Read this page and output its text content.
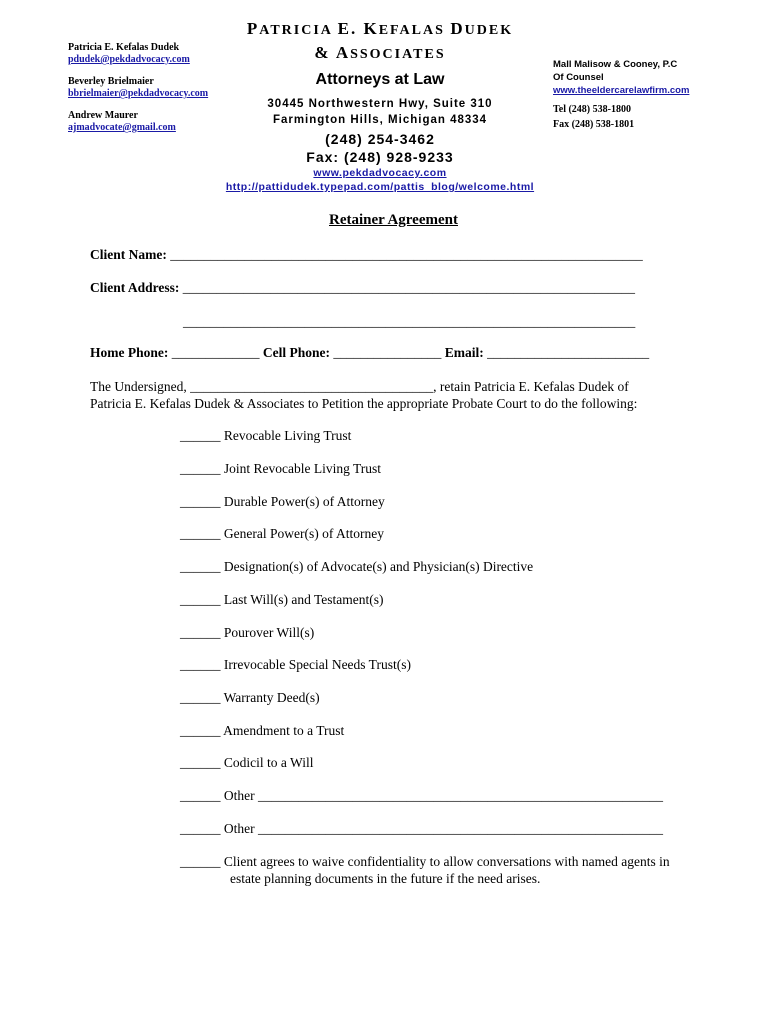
Patricia E. Kefalas Dudek
pdudek@pekdadvocacy.com
Beverley Brielmaier
bbrielmaier@pekdadvocacy.com
Andrew Maurer
ajmadvocate@gmail.com
PATRICIA E. KEFALAS DUDEK
& ASSOCIATES
Attorneys at Law
30445 Northwestern Hwy, Suite 310
Farmington Hills, Michigan 48334
(248) 254-3462
Fax: (248) 928-9233
www.pekdadvocacy.com
http://pattidudek.typepad.com/pattis_blog/welcome.html
Mall Malisow & Cooney, P.C
Of Counsel
www.theeldercarelawfirm.com
Tel (248) 538-1800
Fax (248) 538-1801
Retainer Agreement
Client Name: ______________________________________________________________________
Client Address: ___________________________________________________________________
___________________________________________________________________
Home Phone: _____________ Cell Phone: ________________ Email: ________________________
The Undersigned, ____________________________________, retain Patricia E. Kefalas Dudek of
Patricia E. Kefalas Dudek & Associates to Petition the appropriate Probate Court to do the following:
______ Revocable Living Trust
______ Joint Revocable Living Trust
______ Durable Power(s) of Attorney
______ General Power(s) of Attorney
______ Designation(s) of Advocate(s) and Physician(s) Directive
______ Last Will(s) and Testament(s)
______ Pourover Will(s)
______ Irrevocable Special Needs Trust(s)
______ Warranty Deed(s)
______ Amendment to a Trust
______ Codicil to a Will
______ Other ____________________________________________________________
______ Other ____________________________________________________________
______ Client agrees to waive confidentiality to allow conversations with named agents in
estate planning documents in the future if the need arises.
